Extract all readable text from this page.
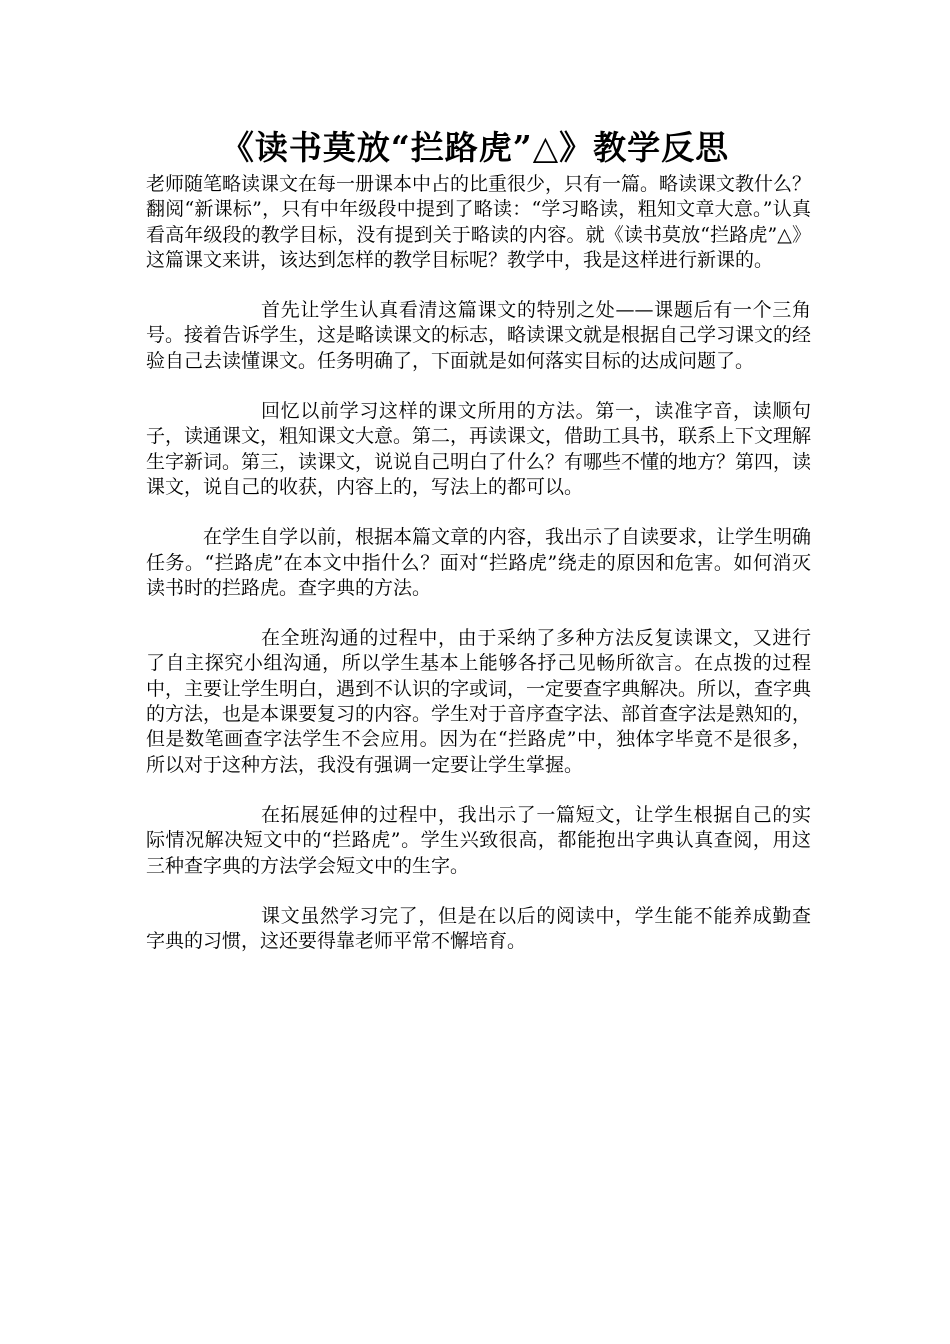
《读书莫放“拦路虎”△》教学反思

老师随笔略读课文在每一册课本中占的比重很少，只有一篇。略读课文教什么？翻阅“新课标”，只有中年级段中提到了略读：“学习略读，粗知文章大意。”认真看高年级段的教学目标，没有提到关于略读的内容。就《读书莫放“拦路虎”△》这篇课文来讲，该达到怎样的教学目标呢？教学中，我是这样进行新课的。

首先让学生认真看清这篇课文的特别之处——课题后有一个三角号。接着告诉学生，这是略读课文的标志，略读课文就是根据自己学习课文的经验自己去读懂课文。任务明确了，下面就是如何落实目标的达成问题了。

回忆以前学习这样的课文所用的方法。第一，读准字音，读顺句子，读通课文，粗知课文大意。第二，再读课文，借助工具书，联系上下文理解生字新词。第三，读课文，说说自己明白了什么？有哪些不懂的地方？第四，读课文，说自己的收获，内容上的，写法上的都可以。

在学生自学以前，根据本篇文章的内容，我出示了自读要求，让学生明确任务。“拦路虎”在本文中指什么？面对“拦路虎”绕走的原因和危害。如何消灭读书时的拦路虎。查字典的方法。

在全班沟通的过程中，由于采纳了多种方法反复读课文，又进行了自主探究小组沟通，所以学生基本上能够各抒己见畅所欲言。在点拨的过程中，主要让学生明白，遇到不认识的字或词，一定要查字典解决。所以，查字典的方法，也是本课要复习的内容。学生对于音序查字法、部首查字法是熟知的，但是数笔画查字法学生不会应用。因为在“拦路虎”中，独体字毕竟不是很多，所以对于这种方法，我没有强调一定要让学生掌握。

在拓展延伸的过程中，我出示了一篇短文，让学生根据自己的实际情况解决短文中的“拦路虎”。学生兴致很高，都能抱出字典认真查阅，用这三种查字典的方法学会短文中的生字。

课文虽然学习完了，但是在以后的阅读中，学生能不能养成勤查字典的习惯，这还要得靠老师平常不懈培育。
